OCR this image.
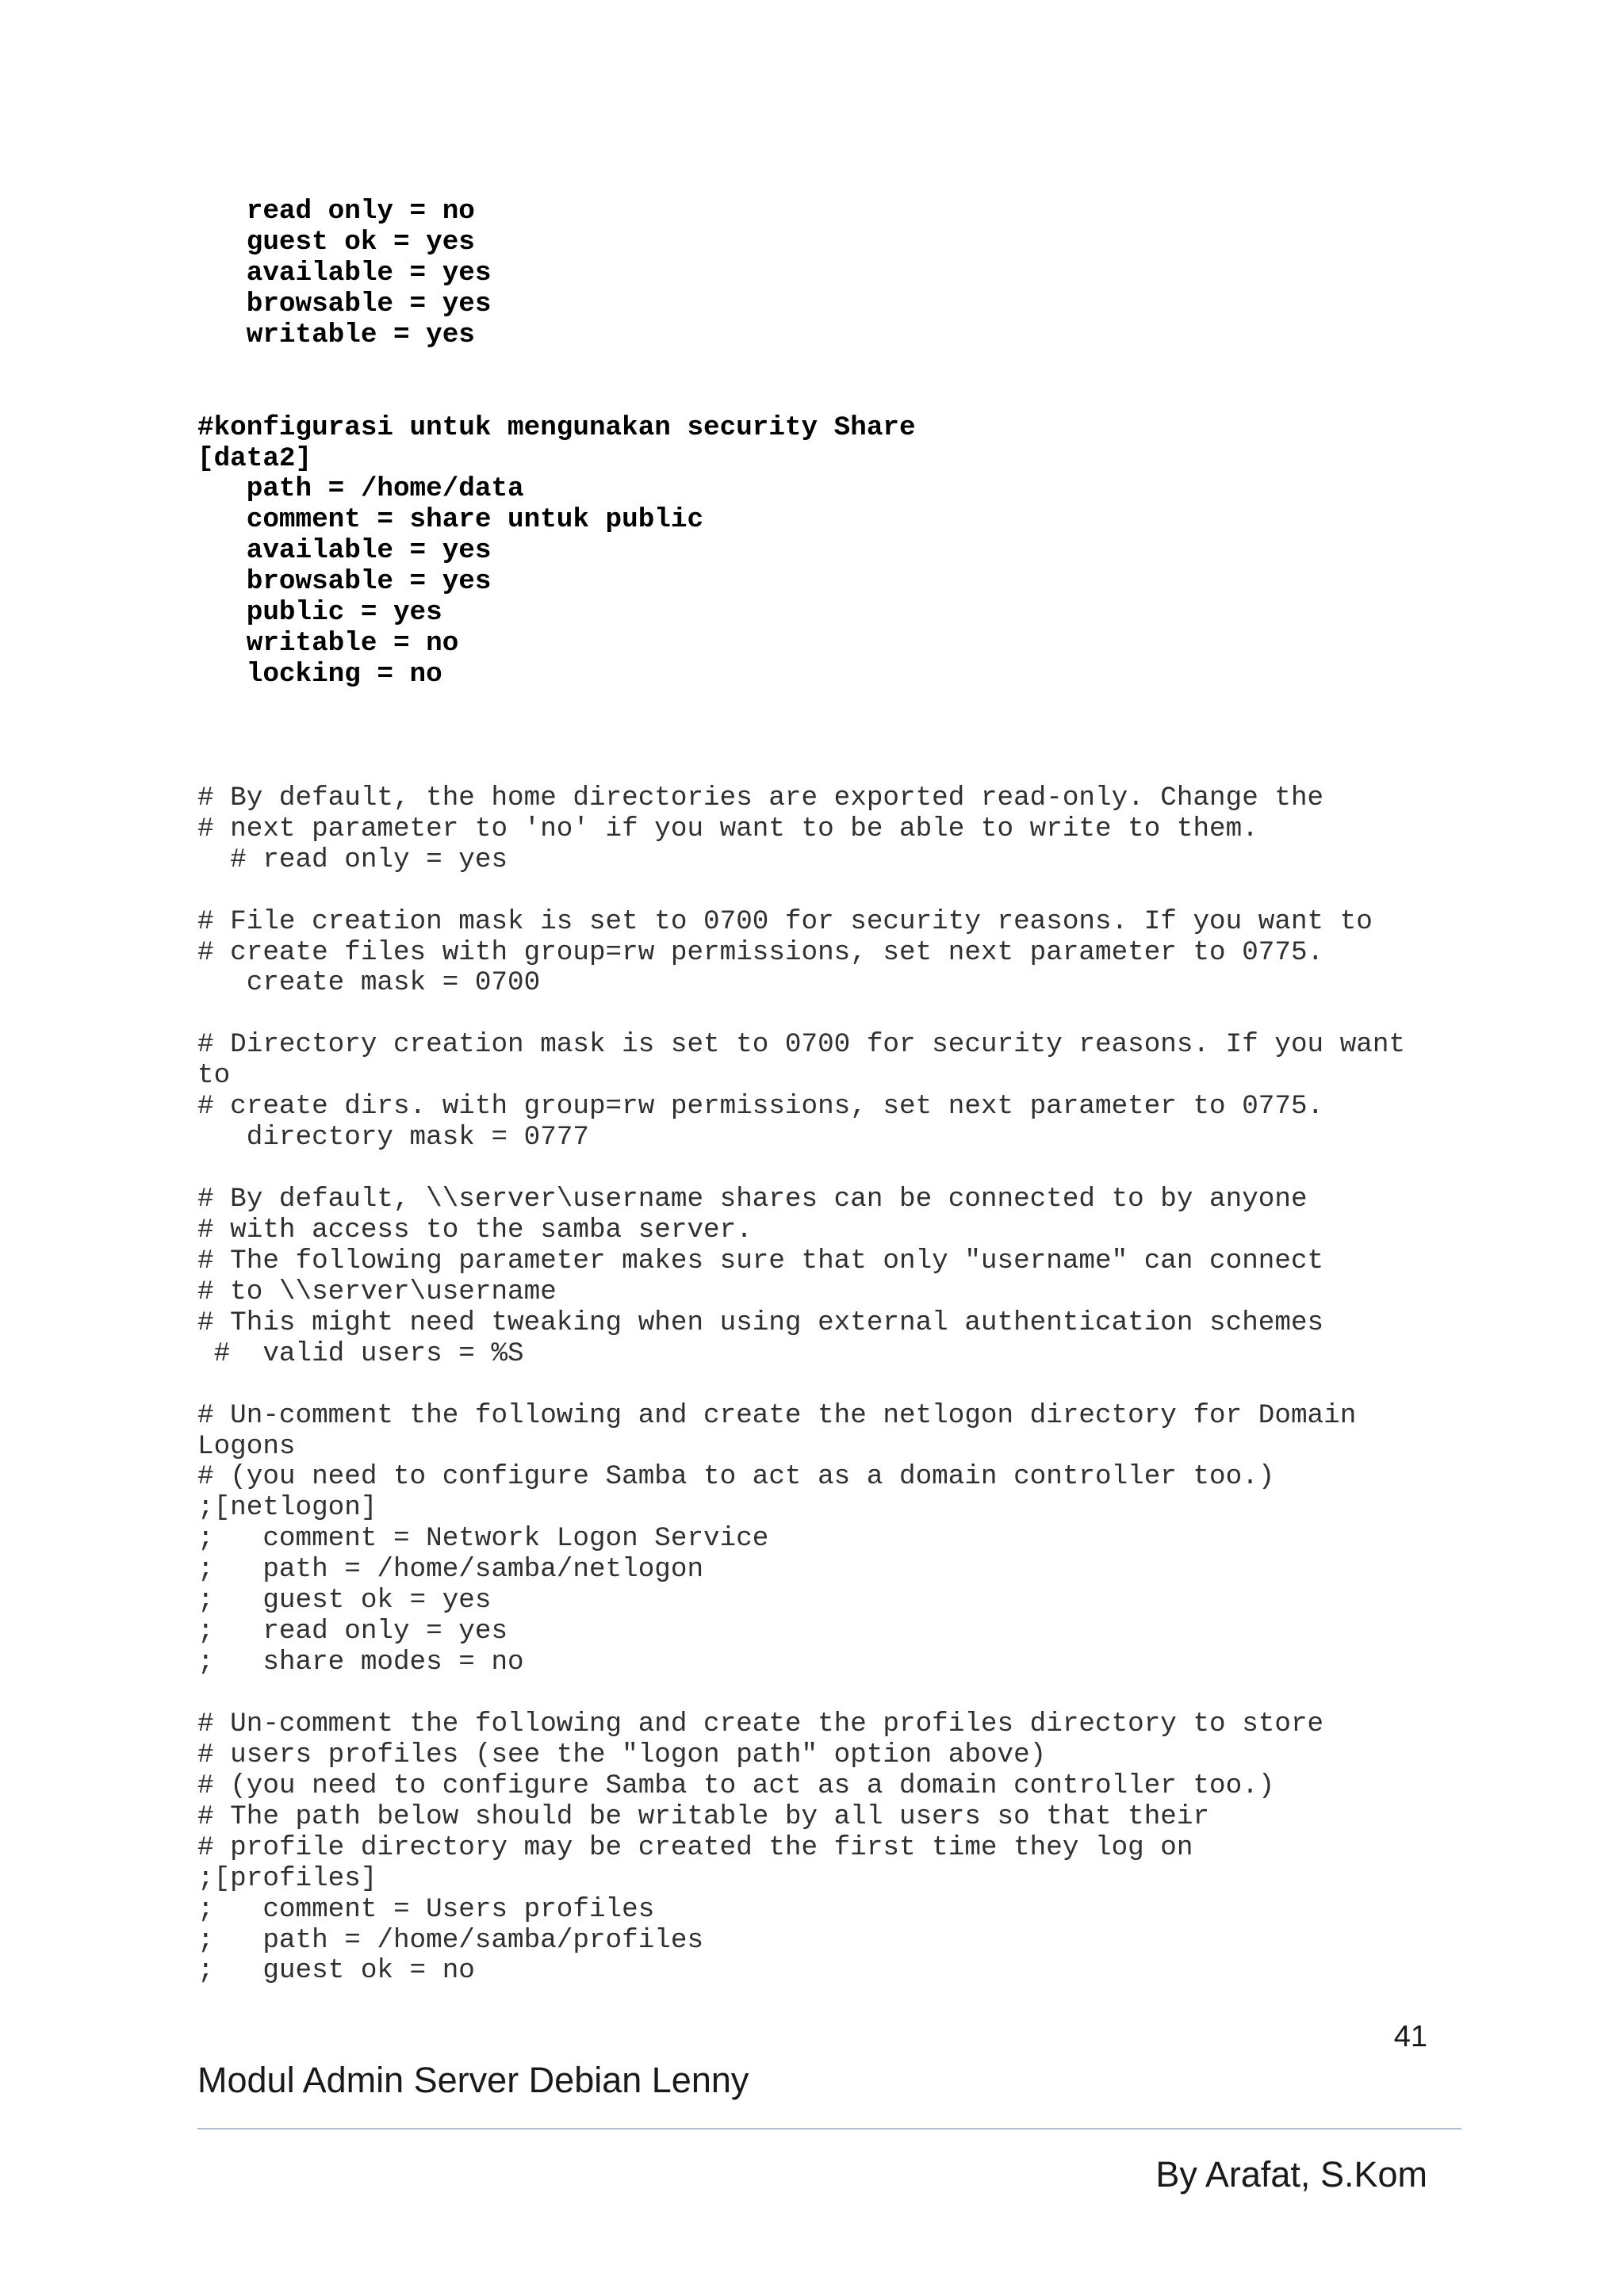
read only = no
guest ok = yes
available = yes
browsable = yes
writable = yes
#konfigurasi untuk mengunakan security Share
[data2]
path = /home/data
comment = share untuk public
available = yes
browsable = yes
public = yes
writable = no
locking = no
# By default, the home directories are exported read-only. Change the
# next parameter to 'no' if you want to be able to write to them.
# read only = yes
# File creation mask is set to 0700 for security reasons. If you want to
# create files with group=rw permissions, set next parameter to 0775.
create mask = 0700
# Directory creation mask is set to 0700 for security reasons. If you want
to
# create dirs. with group=rw permissions, set next parameter to 0775.
directory mask = 0777
# By default, \\server\username shares can be connected to by anyone
# with access to the samba server.
# The following parameter makes sure that only "username" can connect
# to \\server\username
# This might need tweaking when using external authentication schemes
#  valid users = %S
# Un-comment the following and create the netlogon directory for Domain
Logons
# (you need to configure Samba to act as a domain controller too.)
;[netlogon]
;   comment = Network Logon Service
;   path = /home/samba/netlogon
;   guest ok = yes
;   read only = yes
;   share modes = no
# Un-comment the following and create the profiles directory to store
# users profiles (see the "logon path" option above)
# (you need to configure Samba to act as a domain controller too.)
# The path below should be writable by all users so that their
# profile directory may be created the first time they log on
;[profiles]
;   comment = Users profiles
;   path = /home/samba/profiles
;   guest ok = no
41
Modul Admin Server Debian Lenny
By Arafat, S.Kom
